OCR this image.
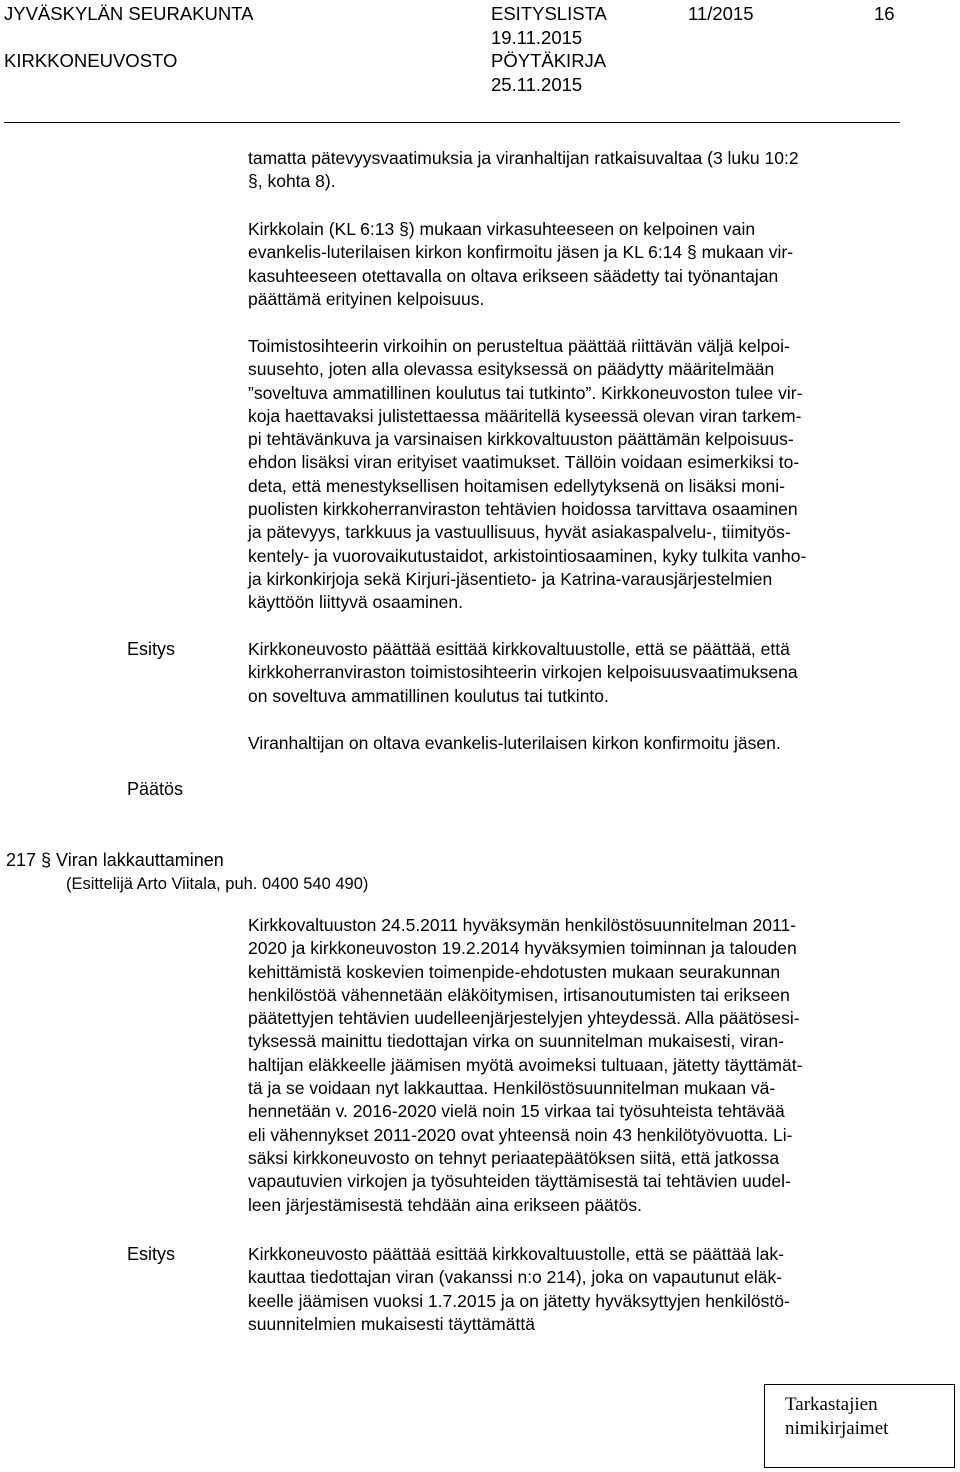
JYVÄSKYLÄN SEURAKUNTA
KIRKKONEUVOSTO
ESITYSLISTA
19.11.2015
PÖYTÄKIRJA
25.11.2015
11/2015	16
tamatta pätevyysvaatimuksia ja viranhaltijan ratkaisuvaltaa (3 luku 10:2
§, kohta 8).
Kirkkolain (KL 6:13 §) mukaan virkasuhteeseen on kelpoinen vain
evankelis-luterilaisen kirkon konfirmoitu jäsen ja KL 6:14 § mukaan vir-
kasuhteeseen otettavalla on oltava erikseen säädetty tai työnantajan
päättämä erityinen kelpoisuus.
Toimistosihteerin virkoihin on perusteltua päättää riittävän väljä kelpoi-
suusehto, joten alla olevassa esityksessä on päädytty määritelmään
”soveltuva ammatillinen koulutus tai tutkinto”. Kirkkoneuvoston tulee vir-
koja haettavaksi julistettaessa määritellä kyseessä olevan viran tarkem-
pi tehtävänkuva ja varsinaisen kirkkovaltuuston päättämän kelpoisuus-
ehdon lisäksi viran erityiset vaatimukset. Tällöin voidaan esimerkiksi to-
deta, että menestyksellisen hoitamisen edellytyksenä on lisäksi moni-
puolisten kirkkoherranviraston tehtävien hoidossa tarvittava osaaminen
ja pätevyys, tarkkuus ja vastuullisuus, hyvät asiakaspalvelu-, tiimityös-
kentely- ja vuorovaikutustaidot, arkistointiosaaminen, kyky tulkita vanho-
ja kirkonkirjoja sekä Kirjuri-jäsentieto- ja Katrina-varausjärjestelmien
käyttöön liittyvä osaaminen.
Esitys	Kirkkoneuvosto päättää esittää kirkkovaltuustolle, että se päättää, että
kirkkoherranviraston toimistosihteerin virkojen kelpoisuusvaatimuksena
on soveltuva ammatillinen koulutus tai tutkinto.
Viranhaltijan on oltava evankelis-luterilaisen kirkon konfirmoitu jäsen.
Päätös
217 § Viran lakkauttaminen
(Esittelijä Arto Viitala, puh. 0400 540 490)
Kirkkovaltuuston 24.5.2011 hyväksymän henkilöstösuunnitelman 2011-
2020 ja kirkkoneuvoston 19.2.2014 hyväksymien toiminnan ja talouden
kehittämistä koskevien toimenpide-ehdotusten mukaan seurakunnan
henkilöstöä vähennetään eläköitymisen, irtisanoutumisten tai erikseen
päätettyjen tehtävien uudelleenjärjestelyjen yhteydessä. Alla päätösesi-
tyksessä mainittu tiedottajan virka on suunnitelman mukaisesti, viran-
haltijan eläkkeelle jäämisen myötä avoimeksi tultuaan, jätetty täyttämät-
tä ja se voidaan nyt lakkauttaa. Henkilöstösuunnitelman mukaan vä-
hennetään v. 2016-2020 vielä noin 15 virkaa tai työsuhteista tehtävää
eli vähennykset 2011-2020 ovat yhteensä noin 43 henkilötyövuotta. Li-
säksi kirkkoneuvosto on tehnyt periaatepäätöksen siitä, että jatkossa
vapautuvien virkojen ja työsuhteiden täyttämisestä tai tehtävien uudel-
leen järjestämisestä tehdään aina erikseen päätös.
Esitys	Kirkkoneuvosto päättää esittää kirkkovaltuustolle, että se päättää lak-
kauttaa tiedottajan viran (vakanssi n:o 214), joka on vapautunut eläk-
keelle jäämisen vuoksi 1.7.2015 ja on jätetty hyväksyttyjen henkilöstö-
suunnitelmien mukaisesti täyttämättä
Tarkastajien
nimikirjaimet
